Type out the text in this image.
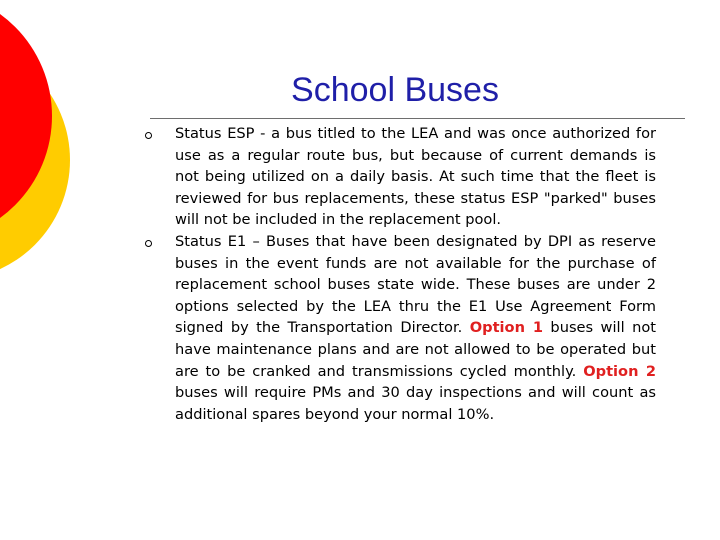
School Buses
Status ESP - a bus titled to the LEA and was once authorized for use as a regular route bus, but because of current demands is not being utilized on a daily basis. At such time that the fleet is reviewed for bus replacements, these status ESP "parked" buses will not be included in the replacement pool.
Status E1 – Buses that have been designated by DPI as reserve buses in the event funds are not available for the purchase of replacement school buses state wide. These buses are under 2 options selected by the LEA thru the E1 Use Agreement Form signed by the Transportation Director. Option 1 buses will not have maintenance plans and are not allowed to be operated but are to be cranked and transmissions cycled monthly. Option 2 buses will require PMs and 30 day inspections and will count as additional spares beyond your normal 10%.
